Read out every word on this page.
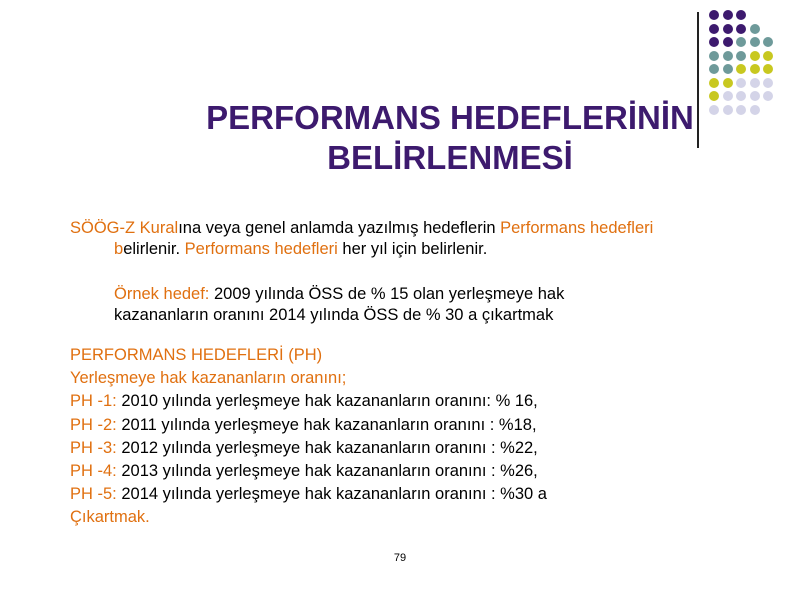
PERFORMANS HEDEFLERİNİN
BELİRLENMESİ
SÖÖG-Z Kuralına veya genel anlamda yazılmış hedeflerin Performans hedefleri
belirlenir. Performans hedefleri her yıl için belirlenir.
Örnek hedef: 2009 yılında ÖSS de % 15 olan yerleşmeye hak
kazananların oranını 2014 yılında ÖSS de % 30 a çıkartmak
PERFORMANS HEDEFLERİ (PH)
Yerleşmeye hak kazananların oranını;
PH -1: 2010 yılında yerleşmeye hak kazananların oranını: % 16,
PH -2: 2011 yılında yerleşmeye hak kazananların oranını : %18,
PH -3: 2012 yılında yerleşmeye hak kazananların oranını : %22,
PH -4: 2013 yılında yerleşmeye hak kazananların oranını : %26,
PH -5: 2014 yılında yerleşmeye hak kazananların oranını : %30 a
Çıkartmak.
79
